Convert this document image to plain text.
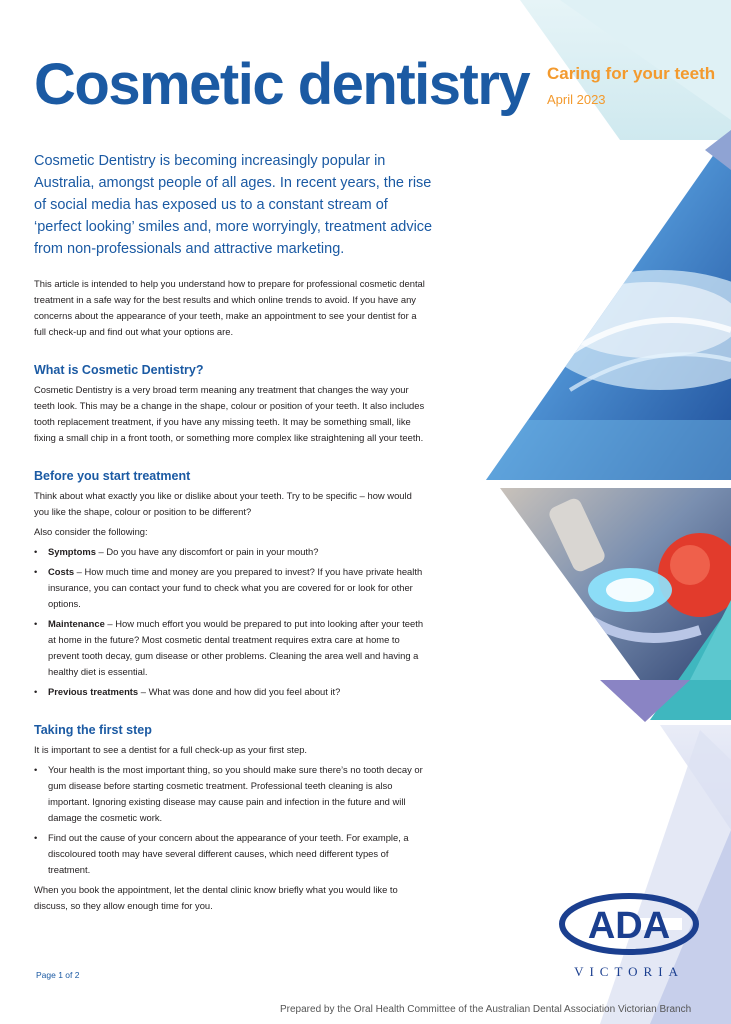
Cosmetic dentistry Caring for your teeth
April 2023

Cosmetic Dentistry is becoming increasingly popular in Australia, amongst people of all ages. In recent years, the rise of social media has exposed us to a constant stream of ‘perfect looking’ smiles and, more worryingly, treatment advice from non-professionals and attractive marketing.

This article is intended to help you understand how to prepare for professional cosmetic dental treatment in a safe way for the best results and which online trends to avoid. If you have any concerns about the appearance of your teeth, make an appointment to see your dentist for a full check-up and find out what your options are.

What is Cosmetic Dentistry?

Cosmetic Dentistry is a very broad term meaning any treatment that changes the way your teeth look. This may be a change in the shape, colour or position of your teeth. It also includes tooth replacement treatment, if you have any missing teeth. It may be something small, like fixing a small chip in a front tooth, or something more complex like straightening all your teeth.

Before you start treatment

Think about what exactly you like or dislike about your teeth. Try to be specific – how would you like the shape, colour or position to be different?

Also consider the following:

• Symptoms – Do you have any discomfort or pain in your mouth?
• Costs – How much time and money are you prepared to invest? If you have private health insurance, you can contact your fund to check what you are covered for or look for other options.
• Maintenance – How much effort you would be prepared to put into looking after your teeth at home in the future? Most cosmetic dental treatment requires extra care at home to prevent tooth decay, gum disease or other problems. Cleaning the area well and having a healthy diet is essential.
• Previous treatments – What was done and how did you feel about it?
Taking the first step

It is important to see a dentist for a full check-up as your first step.

• Your health is the most important thing, so you should make sure there’s no tooth decay or gum disease before starting cosmetic treatment. Professional teeth cleaning is also important. Ignoring existing disease may cause pain and infection in the future and will damage the cosmetic work.
• Find out the cause of your concern about the appearance of your teeth. For example, a discoloured tooth may have several different causes, which need different types of treatment.

When you book the appointment, let the dental clinic know briefly what you would like to discuss, so they allow enough time for you.

Page 1 of 2
ADA
VICTORIA
Prepared by the Oral Health Committee of the Australian Dental Association Victorian Branch
